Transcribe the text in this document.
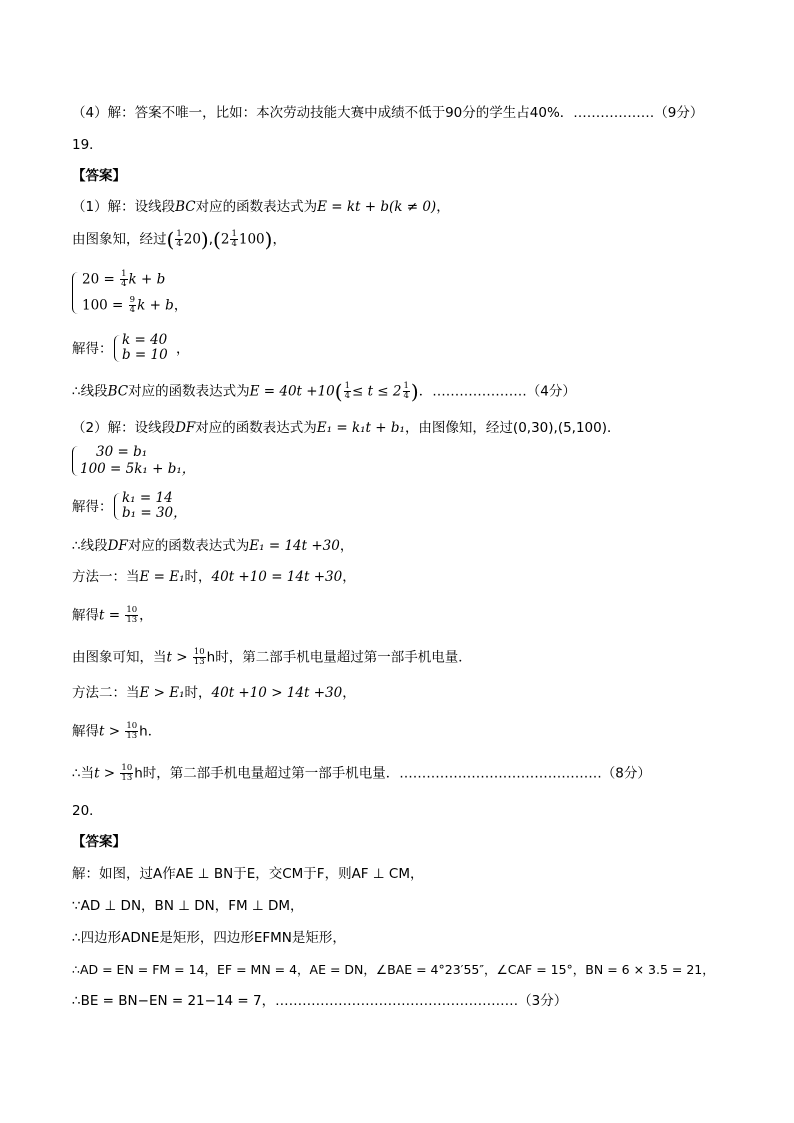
（4）解：答案不唯一，比如：本次劳动技能大赛中成绩不低于90分的学生占40%．………………（9分）
19．
【答案】
（1）解：设线段BC对应的函数表达式为E = kt + b(k ≠ 0)，
由图象知，经过( $\frac{1}{4} 20),(2 \frac{1}{4} 100)$，
$20 = \frac{1}{4}$ k + b
$100 = \frac{9}{4}$ k + b，
解得：
k = 40
b = 10 ，
∴线段BC对应的函数表达式为$E = 40t +10( \frac{1}{4} \le t \le 2 \frac{1}{4}$ )．…………………（4分）
（2）解：设线段DF对应的函数表达式为E₁ = k₁t + b₁，由图像知，经过(0,30),(5,100)．
30 = b₁
100 = 5k₁ + b₁，
解得：
k₁ = 14
b₁ = 30，
∴线段DF对应的函数表达式为E₁ = 14t +30，
方法一：当E = E₁时，40t +10 = 14t +30，
解得$t = \frac{10}{13}$ ，
由图象可知，当$t > \frac{10}{13}$ h时，第二部手机电量超过第一部手机电量．
方法二：当E > E₁时，40t +10 > 14t +30，
解得$t > \frac{10}{13}$ h．
∴当$t > \frac{10}{13}$ h时，第二部手机电量超过第一部手机电量．………………………………………（8分）
20．
【答案】
解：如图，过A作AE ⊥ BN于E，交CM于F，则AF ⊥ CM，
∵AD ⊥ DN，BN ⊥ DN，FM ⊥ DM，
∴四边形ADNE是矩形，四边形EFMN是矩形，
∴AD = EN = FM = 14，EF = MN = 4，AE = DN，∠BAE = 4°23′55″，∠CAF = 15°，BN = 6 × 3.5 = 21，
∴BE = BN−EN = 21−14 = 7，………………………………………………（3分）
